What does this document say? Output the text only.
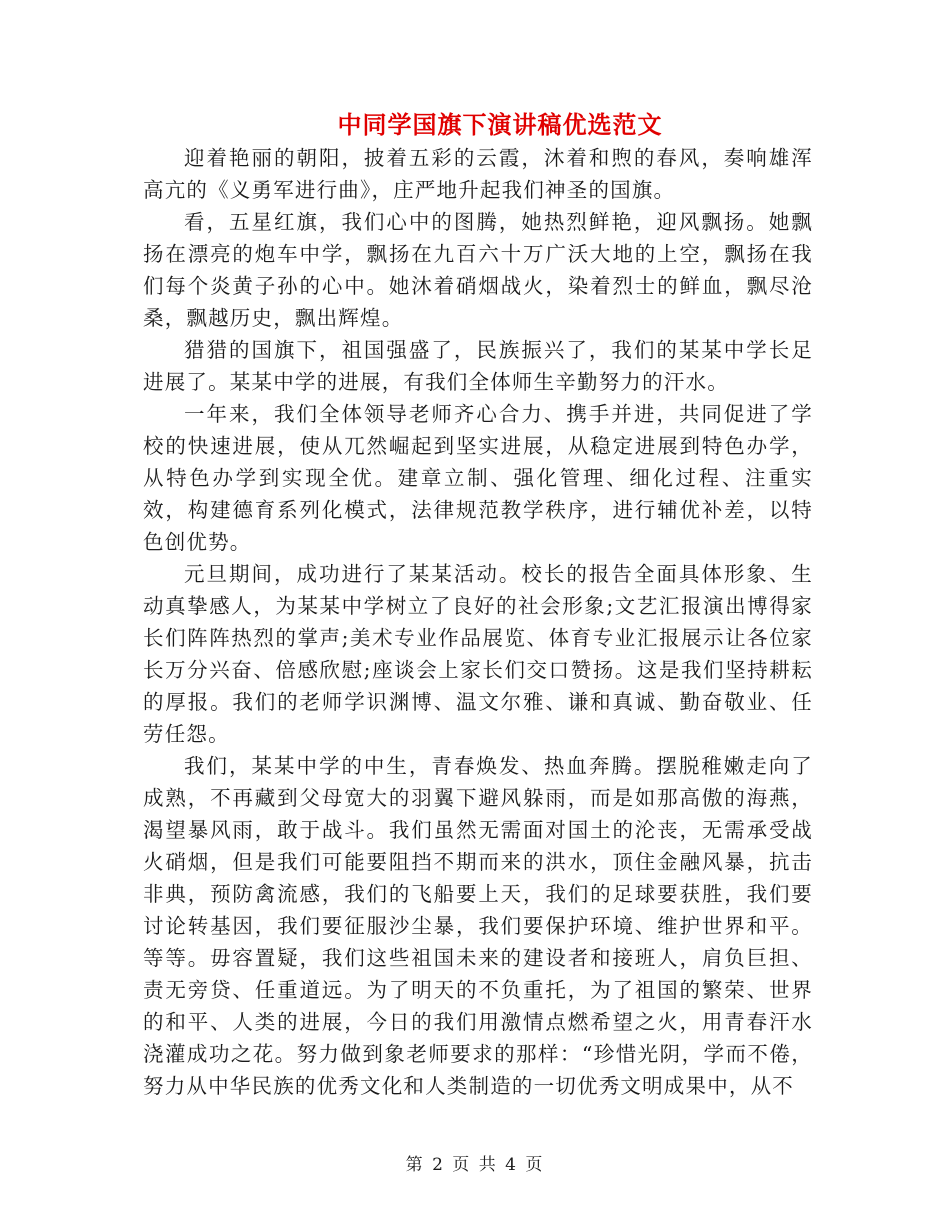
中同学国旗下演讲稿优选范文

迎着艳丽的朝阳，披着五彩的云霞，沐着和煦的春风，奏响雄浑高亢的《义勇军进行曲》，庄严地升起我们神圣的国旗。

看，五星红旗，我们心中的图腾，她热烈鲜艳，迎风飘扬。她飘扬在漂亮的炮车中学，飘扬在九百六十万广沃大地的上空，飘扬在我们每个炎黄子孙的心中。她沐着硝烟战火，染着烈士的鲜血，飘尽沧桑，飘越历史，飘出辉煌。

猎猎的国旗下，祖国强盛了，民族振兴了，我们的某某中学长足进展了。某某中学的进展，有我们全体师生辛勤努力的汗水。

一年来，我们全体领导老师齐心合力、携手并进，共同促进了学校的快速进展，使从兀然崛起到坚实进展，从稳定进展到特色办学，从特色办学到实现全优。建章立制、强化管理、细化过程、注重实效，构建德育系列化模式，法律规范教学秩序，进行辅优补差，以特色创优势。

元旦期间，成功进行了某某活动。校长的报告全面具体形象、生动真挚感人，为某某中学树立了良好的社会形象;文艺汇报演出博得家长们阵阵热烈的掌声;美术专业作品展览、体育专业汇报展示让各位家长万分兴奋、倍感欣慰;座谈会上家长们交口赞扬。这是我们坚持耕耘的厚报。我们的老师学识渊博、温文尔雅、谦和真诚、勤奋敬业、任劳任怨。

我们，某某中学的中生，青春焕发、热血奔腾。摆脱稚嫩走向了成熟，不再藏到父母宽大的羽翼下避风躲雨，而是如那高傲的海燕，渴望暴风雨，敢于战斗。我们虽然无需面对国土的沦丧，无需承受战火硝烟，但是我们可能要阻挡不期而来的洪水，顶住金融风暴，抗击非典，预防禽流感，我们的飞船要上天，我们的足球要获胜，我们要讨论转基因，我们要征服沙尘暴，我们要保护环境、维护世界和平。等等。毋容置疑，我们这些祖国未来的建设者和接班人，肩负巨担、责无旁贷、任重道远。为了明天的不负重托，为了祖国的繁荣、世界的和平、人类的进展，今日的我们用激情点燃希望之火，用青春汗水浇灌成功之花。努力做到象老师要求的那样：“珍惜光阴，学而不倦，努力从中华民族的优秀文化和人类制造的一切优秀文明成果中，从不

第 2 页 共 4 页
